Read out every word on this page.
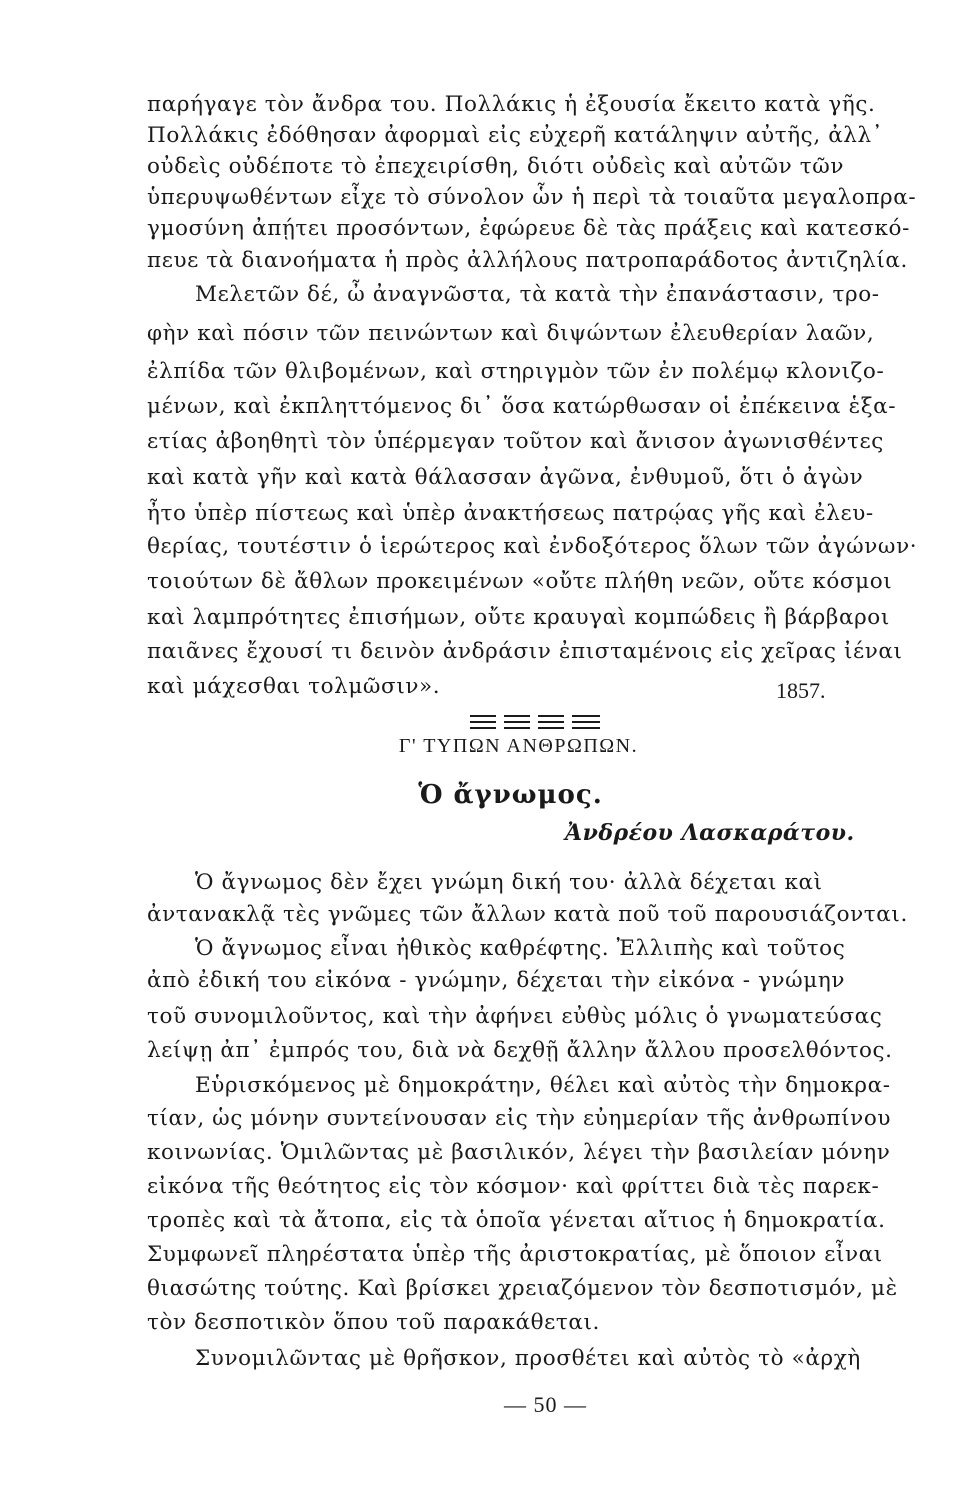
παρήγαγε τὸν ἄνδρα του. Πολλάκις ἡ ἐξουσία ἔκειτο κατὰ γῆς.
Πολλάκις ἐδόθησαν ἀφορμαὶ εἰς εὐχερῆ κατάληψιν αὐτῆς, ἀλλ᾽
οὐδεὶς οὐδέποτε τὸ ἐπεχειρίσθη, διότι οὐδεὶς καὶ αὐτῶν τῶν
ὑπερυψωθέντων εἶχε τὸ σύνολον ὧν ἡ περὶ τὰ τοιαῦτα μεγαλοπρα-
γμοσύνη ἀπῄτει προσόντων, ἐφώρευε δὲ τὰς πράξεις καὶ κατεσκό-
πευε τὰ διανοήματα ἡ πρὸς ἀλλήλους πατροπαράδοτος ἀντιζηλία.
Μελετῶν δέ, ὦ ἀναγνῶστα, τὰ κατὰ τὴν ἐπανάστασιν, τρο-
φὴν καὶ πόσιν τῶν πεινώντων καὶ διψώντων ἐλευθερίαν λαῶν,
ἐλπίδα τῶν θλιβομένων, καὶ στηριγμὸν τῶν ἐν πολέμῳ κλονιζο-
μένων, καὶ ἐκπληττόμενος δι᾽ ὅσα κατώρθωσαν οἱ ἐπέκεινα ἑξα-
ετίας ἀβοηθητὶ τὸν ὑπέρμεγαν τοῦτον καὶ ἄνισον ἀγωνισθέντες
καὶ κατὰ γῆν καὶ κατὰ θάλασσαν ἀγῶνα, ἐνθυμοῦ, ὅτι ὁ ἀγὼν
ἦτο ὑπὲρ πίστεως καὶ ὑπὲρ ἀνακτήσεως πατρῴας γῆς καὶ ἐλευ-
θερίας, τουτέστιν ὁ ἱερώτερος καὶ ἐνδοξότερος ὅλων τῶν ἀγώνων·
τοιούτων δὲ ἄθλων προκειμένων «οὔτε πλήθη νεῶν, οὔτε κόσμοι
καὶ λαμπρότητες ἐπισήμων, οὔτε κραυγαὶ κομπώδεις ἢ βάρβαροι
παιᾶνες ἔχουσί τι δεινὸν ἀνδράσιν ἐπισταμένοις εἰς χεῖρας ἰέναι
καὶ μάχεσθαι τολμῶσιν».	1857.
Γ' ΤΥΠΩΝ ΑΝΘΡΩΠΩΝ.
Ὁ ἄγνωμος.
Ἀνδρέου Λασκαράτου.
Ὁ ἄγνωμος δὲν ἔχει γνώμη δική του· ἀλλὰ δέχεται καὶ
ἀντανακλᾷ τὲς γνῶμες τῶν ἄλλων κατὰ ποῦ τοῦ παρουσιάζονται.
Ὁ ἄγνωμος εἶναι ἠθικὸς καθρέφτης. Ἐλλιπὴς καὶ τοῦτος
ἀπὸ ἐδική του εἰκόνα - γνώμην, δέχεται τὴν εἰκόνα - γνώμην
τοῦ συνομιλοῦντος, καὶ τὴν ἀφήνει εὐθὺς μόλις ὁ γνωματεύσας
λείψῃ ἀπ᾽ ἐμπρός του, διὰ νὰ δεχθῇ ἄλλην ἄλλου προσελθόντος.
Εὑρισκόμενος μὲ δημοκράτην, θέλει καὶ αὐτὸς τὴν δημοκρα-
τίαν, ὡς μόνην συντείνουσαν εἰς τὴν εὐημερίαν τῆς ἀνθρωπίνου
κοινωνίας. Ὁμιλῶντας μὲ βασιλικόν, λέγει τὴν βασιλείαν μόνην
εἰκόνα τῆς θεότητος εἰς τὸν κόσμον· καὶ φρίττει διὰ τὲς παρεκ-
τροπὲς καὶ τὰ ἄτοπα, εἰς τὰ ὁποῖα γένεται αἴτιος ἡ δημοκρατία.
Συμφωνεῖ πληρέστατα ὑπὲρ τῆς ἀριστοκρατίας, μὲ ὅποιον εἶναι
θιασώτης τούτης. Καὶ βρίσκει χρειαζόμενον τὸν δεσποτισμόν, μὲ
τὸν δεσποτικὸν ὅπου τοῦ παρακάθεται.
Συνομιλῶντας μὲ θρῆσκον, προσθέτει καὶ αὐτὸς τὸ «ἀρχὴ
— 50 —
